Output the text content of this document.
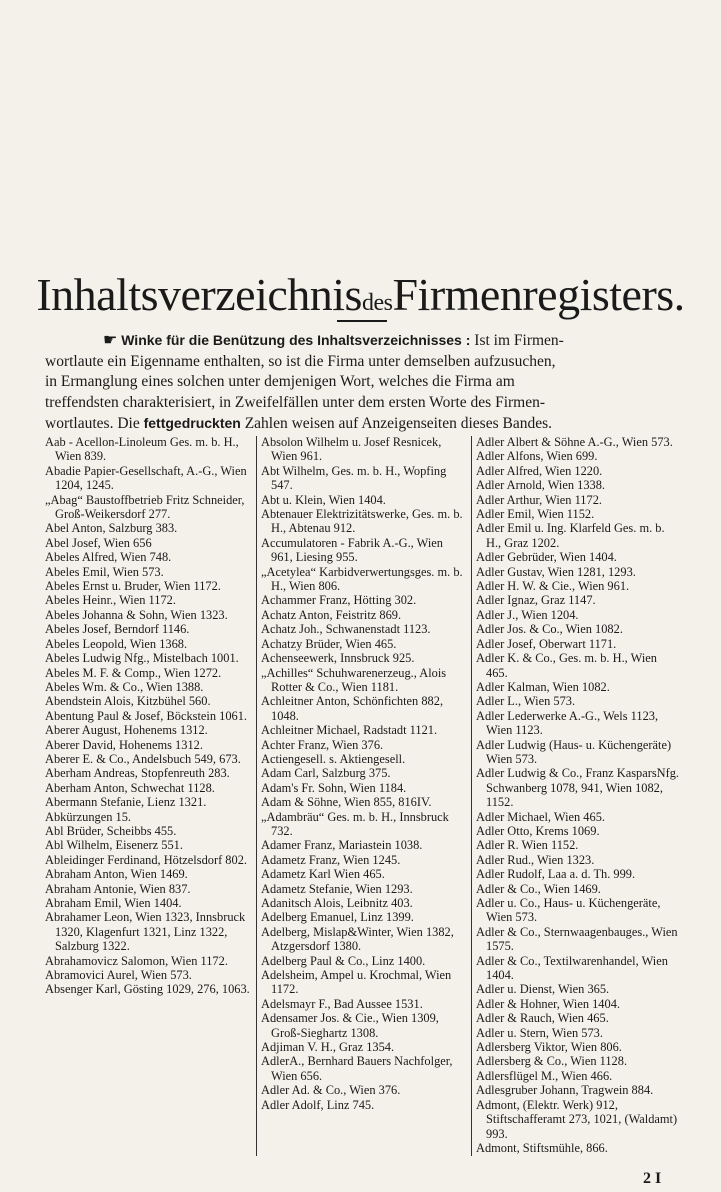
InhaltsverzeichnisdesFirmenregisters.
☛ Winke für die Benützung des Inhaltsverzeichnisses : Ist im Firmen-
wortlaute ein Eigenname enthalten, so ist die Firma unter demselben aufzusuchen,
in Ermanglung eines solchen unter demjenigen Wort, welches die Firma am
treffendsten charakterisiert, in Zweifelfällen unter dem ersten Worte des Firmen-
wortlautes. Die fettgedruckten Zahlen weisen auf Anzeigenseiten dieses Bandes.
Aab - Acellon-Linoleum Ges. m. b. H., Wien 839.
Abadie Papier-Gesellschaft, A.-G., Wien 1204, 1245.
„Abag“ Baustoffbetrieb Fritz Schneider, Groß-Weikersdorf 277.
Abel Anton, Salzburg 383.
Abel Josef, Wien 656
Abeles Alfred, Wien 748.
Abeles Emil, Wien 573.
Abeles Ernst u. Bruder, Wien 1172.
Abeles Heinr., Wien 1172.
Abeles Johanna & Sohn, Wien 1323.
Abeles Josef, Berndorf 1146.
Abeles Leopold, Wien 1368.
Abeles Ludwig Nfg., Mistelbach 1001.
Abeles M. F. & Comp., Wien 1272.
Abeles Wm. & Co., Wien 1388.
Abendstein Alois, Kitzbühel 560.
Abentung Paul & Josef, Böckstein 1061.
Aberer August, Hohenems 1312.
Aberer David, Hohenems 1312.
Aberer E. & Co., Andelsbuch 549, 673.
Aberham Andreas, Stopfenreuth 283.
Aberham Anton, Schwechat 1128.
Abermann Stefanie, Lienz 1321.
Abkürzungen 15.
Abl Brüder, Scheibbs 455.
Abl Wilhelm, Eisenerz 551.
Ableidinger Ferdinand, Hötzelsdorf 802.
Abraham Anton, Wien 1469.
Abraham Antonie, Wien 837.
Abraham Emil, Wien 1404.
Abrahamer Leon, Wien 1323, Innsbruck 1320, Klagenfurt 1321, Linz 1322, Salzburg 1322.
Abrahamovicz Salomon, Wien 1172.
Abramovici Aurel, Wien 573.
Absenger Karl, Gösting 1029, 276, 1063.
Absolon Wilhelm u. Josef Resnicek, Wien 961.
Abt Wilhelm, Ges. m. b. H., Wopfing 547.
Abt u. Klein, Wien 1404.
Abtenauer Elektrizitätswerke, Ges. m. b. H., Abtenau 912.
Accumulatoren - Fabrik A.-G., Wien 961, Liesing 955.
„Acetylea“ Karbidverwertungsges. m. b. H., Wien 806.
Achammer Franz, Hötting 302.
Achatz Anton, Feistritz 869.
Achatz Joh., Schwanenstadt 1123.
Achatzy Brüder, Wien 465.
Achenseewerk, Innsbruck 925.
„Achilles“ Schuhwarenerzeug., Alois Rotter & Co., Wien 1181.
Achleitner Anton, Schönfichten 882, 1048.
Achleitner Michael, Radstadt 1121.
Achter Franz, Wien 376.
Actiengesell. s. Aktiengesell.
Adam Carl, Salzburg 375.
Adam's Fr. Sohn, Wien 1184.
Adam & Söhne, Wien 855, 816IV.
„Adambräu“ Ges. m. b. H., Innsbruck 732.
Adamer Franz, Mariastein 1038.
Adametz Franz, Wien 1245.
Adametz Karl Wien 465.
Adametz Stefanie, Wien 1293.
Adanitsch Alois, Leibnitz 403.
Adelberg Emanuel, Linz 1399.
Adelberg, Mislap&Winter, Wien 1382, Atzgersdorf 1380.
Adelberg Paul & Co., Linz 1400.
Adelsheim, Ampel u. Krochmal, Wien 1172.
Adelsmayr F., Bad Aussee 1531.
Adensamer Jos. & Cie., Wien 1309, Groß-Sieghartz 1308.
Adjiman V. H., Graz 1354.
AdlerA., Bernhard Bauers Nachfolger, Wien 656.
Adler Ad. & Co., Wien 376.
Adler Adolf, Linz 745.
Adler Albert & Söhne A.-G., Wien 573.
Adler Alfons, Wien 699.
Adler Alfred, Wien 1220.
Adler Arnold, Wien 1338.
Adler Arthur, Wien 1172.
Adler Emil, Wien 1152.
Adler Emil u. Ing. Klarfeld Ges. m. b. H., Graz 1202.
Adler Gebrüder, Wien 1404.
Adler Gustav, Wien 1281, 1293.
Adler H. W. & Cie., Wien 961.
Adler Ignaz, Graz 1147.
Adler J., Wien 1204.
Adler Jos. & Co., Wien 1082.
Adler Josef, Oberwart 1171.
Adler K. & Co., Ges. m. b. H., Wien 465.
Adler Kalman, Wien 1082.
Adler L., Wien 573.
Adler Lederwerke A.-G., Wels 1123, Wien 1123.
Adler Ludwig (Haus- u. Küchengeräte) Wien 573.
Adler Ludwig & Co., Franz KasparsNfg. Schwanberg 1078, 941, Wien 1082, 1152.
Adler Michael, Wien 465.
Adler Otto, Krems 1069.
Adler R. Wien 1152.
Adler Rud., Wien 1323.
Adler Rudolf, Laa a. d. Th. 999.
Adler & Co., Wien 1469.
Adler u. Co., Haus- u. Küchengeräte, Wien 573.
Adler & Co., Sternwaagenbauges., Wien 1575.
Adler & Co., Textilwarenhandel, Wien 1404.
Adler u. Dienst, Wien 365.
Adler & Hohner, Wien 1404.
Adler & Rauch, Wien 465.
Adler u. Stern, Wien 573.
Adlersberg Viktor, Wien 806.
Adlersberg & Co., Wien 1128.
Adlersflügel M., Wien 466.
Adlesgruber Johann, Tragwein 884.
Admont, (Elektr. Werk) 912, Stiftschafferamt 273, 1021, (Waldamt) 993.
Admont, Stiftsmühle, 866.
2 I
